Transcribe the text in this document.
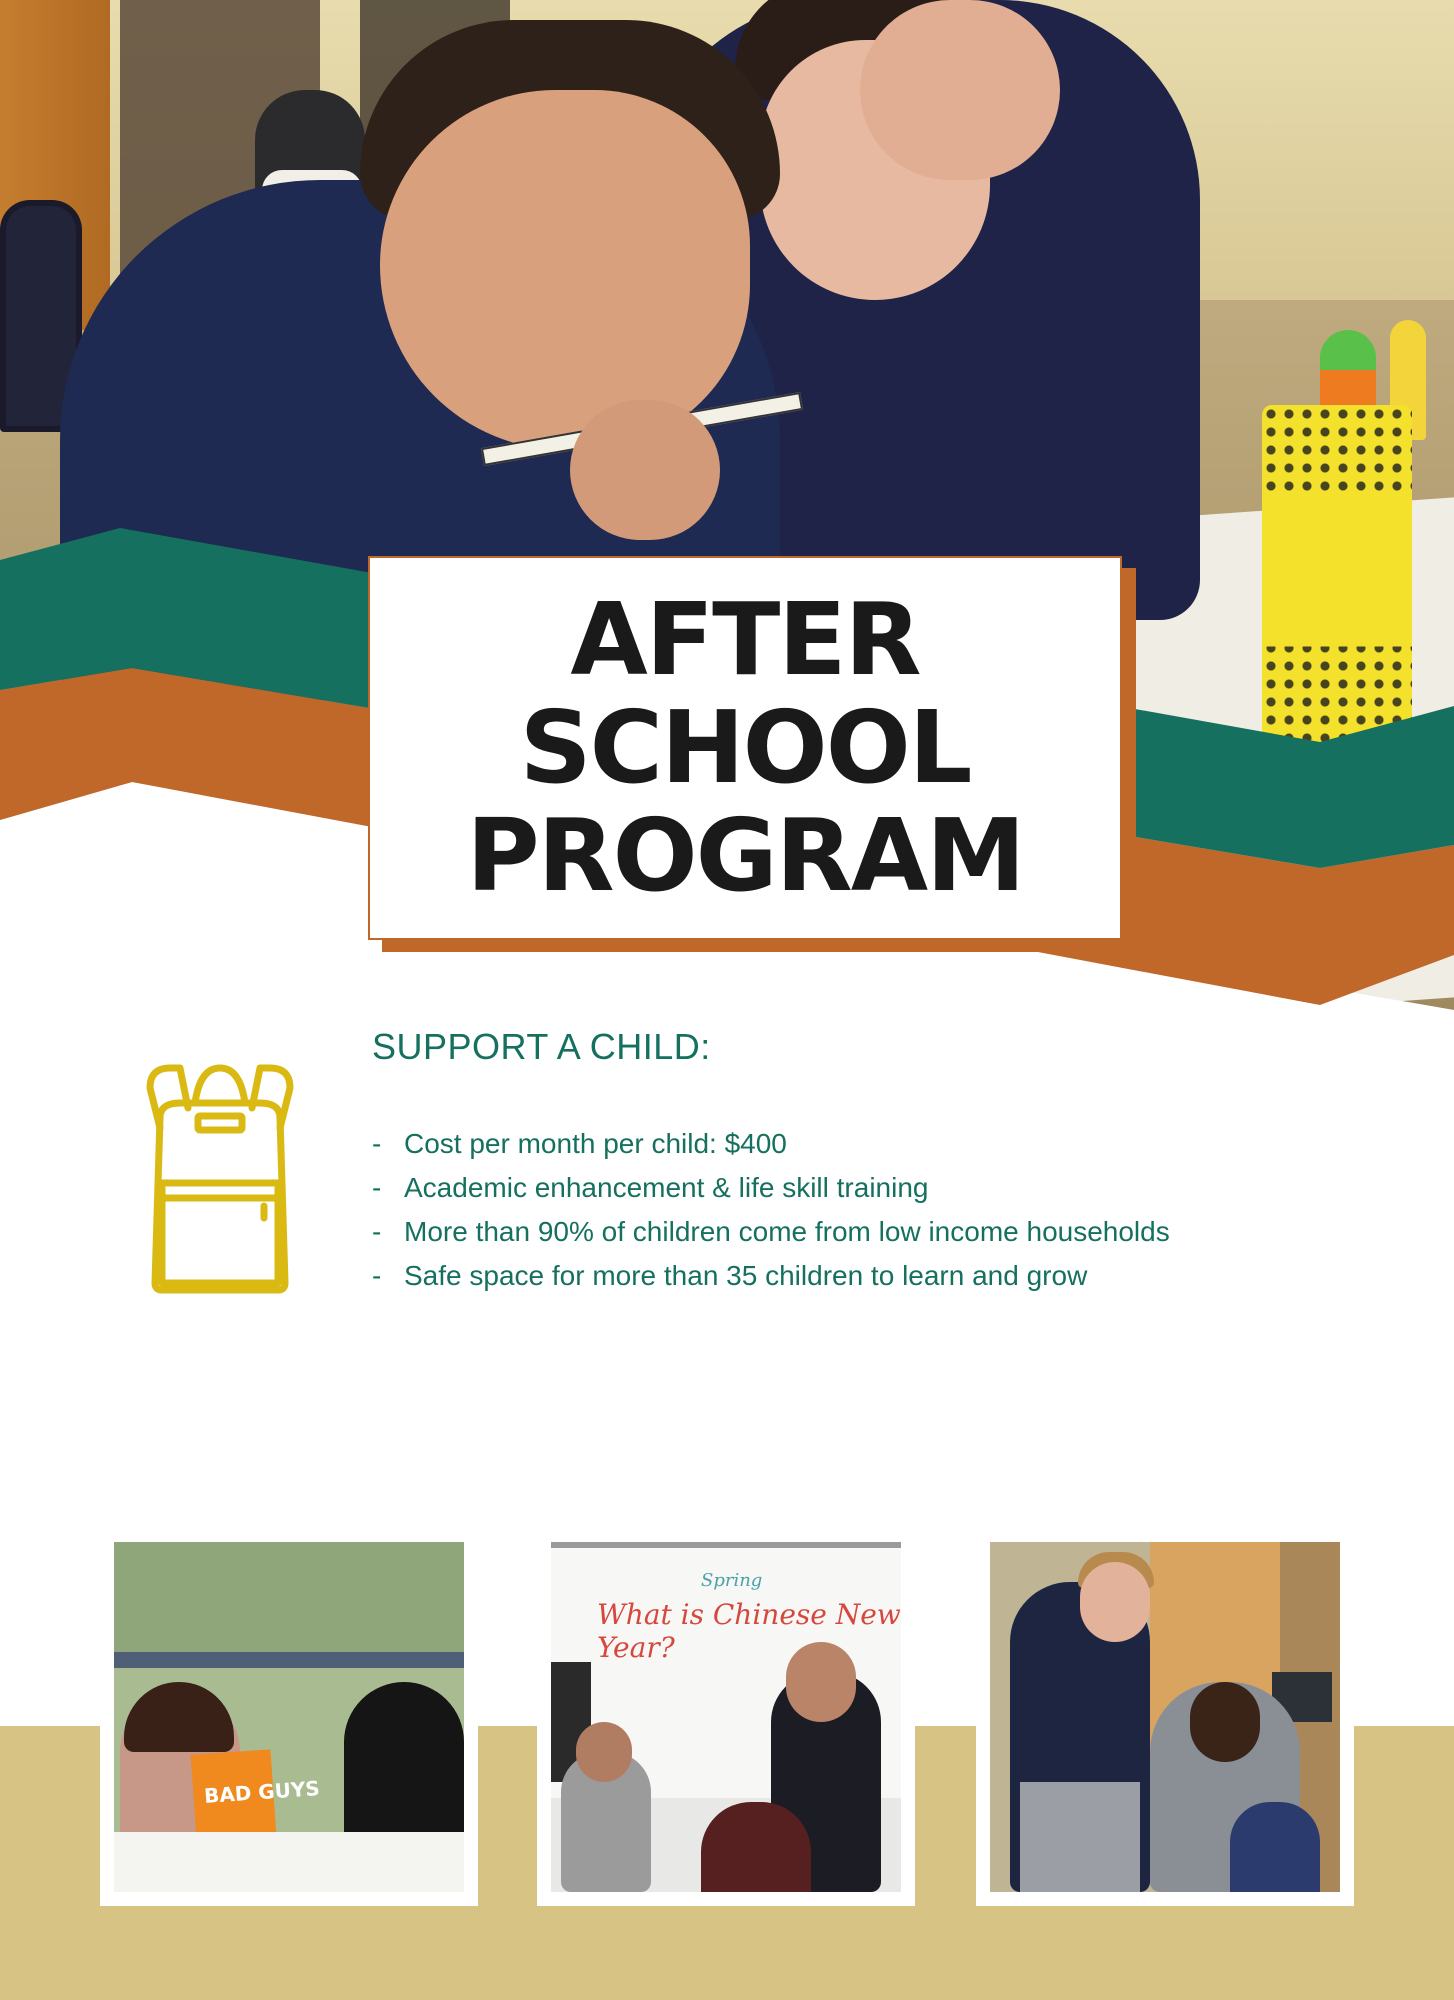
AFTER
SCHOOL
PROGRAM
SUPPORT A CHILD:
- Cost per month per child: $400
- Academic enhancement & life skill training
- More than 90% of children come from low income households
- Safe space for more than 35 children to learn and grow
BAD GUYS
Spring
What is Chinese New Year?
